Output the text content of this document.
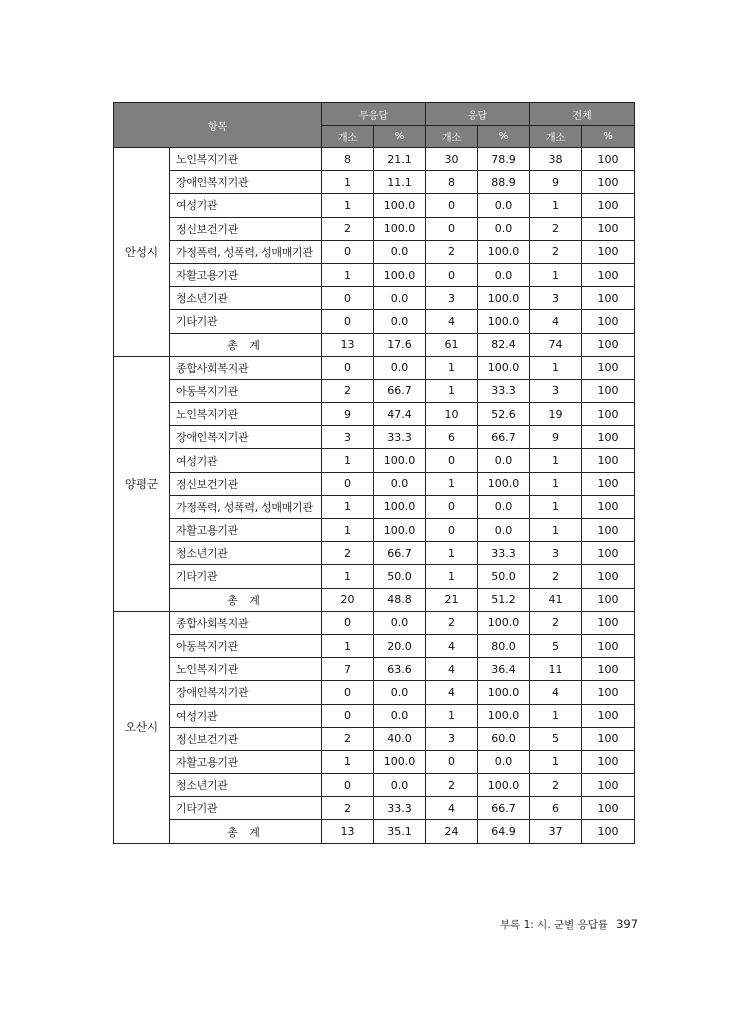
항목		무응답		응답		전체	
		개소	%	개소	%	개소	%
안성시	노인복지기관	8	21.1	30	78.9	38	100
	장애인복지기관	1	11.1	8	88.9	9	100
	여성기관	1	100.0	0	0.0	1	100
	정신보건기관	2	100.0	0	0.0	2	100
	가정폭력, 성폭력, 성매매기관	0	0.0	2	100.0	2	100
	자활고용기관	1	100.0	0	0.0	1	100
	청소년기관	0	0.0	3	100.0	3	100
	기타기관	0	0.0	4	100.0	4	100
	총 계	13	17.6	61	82.4	74	100
양평군	종합사회복지관	0	0.0	1	100.0	1	100
	아동복지기관	2	66.7	1	33.3	3	100
	노인복지기관	9	47.4	10	52.6	19	100
	장애인복지기관	3	33.3	6	66.7	9	100
	여성기관	1	100.0	0	0.0	1	100
	정신보건기관	0	0.0	1	100.0	1	100
	가정폭력, 성폭력, 성매매기관	1	100.0	0	0.0	1	100
	자활고용기관	1	100.0	0	0.0	1	100
	청소년기관	2	66.7	1	33.3	3	100
	기타기관	1	50.0	1	50.0	2	100
	총 계	20	48.8	21	51.2	41	100
오산시	종합사회복지관	0	0.0	2	100.0	2	100
	아동복지기관	1	20.0	4	80.0	5	100
	노인복지기관	7	63.6	4	36.4	11	100
	장애인복지기관	0	0.0	4	100.0	4	100
	여성기관	0	0.0	1	100.0	1	100
	정신보건기관	2	40.0	3	60.0	5	100
	자활고용기관	1	100.0	0	0.0	1	100
	청소년기관	0	0.0	2	100.0	2	100
	기타기관	2	33.3	4	66.7	6	100
	총 계	13	35.1	24	64.9	37	100
부록 1: 시. 군별 응답률 397
